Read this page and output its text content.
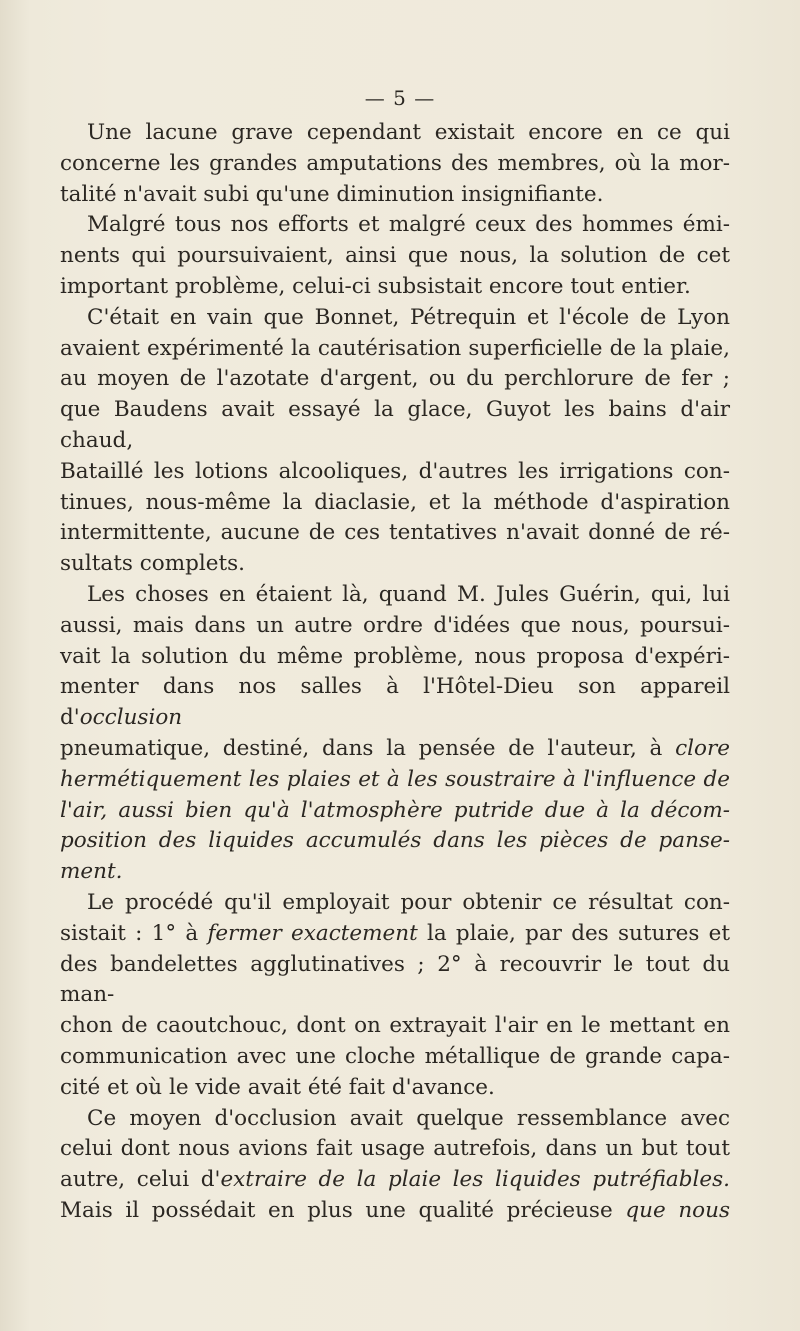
— 5 —
Une lacune grave cependant existait encore en ce qui
concerne les grandes amputations des membres, où la mor-
talité n'avait subi qu'une diminution insignifiante.
Malgré tous nos efforts et malgré ceux des hommes émi-
nents qui poursuivaient, ainsi que nous, la solution de cet
important problème, celui-ci subsistait encore tout entier.
C'était en vain que Bonnet, Pétrequin et l'école de Lyon
avaient expérimenté la cautérisation superficielle de la plaie,
au moyen de l'azotate d'argent, ou du perchlorure de fer ;
que Baudens avait essayé la glace, Guyot les bains d'air chaud,
Bataillé les lotions alcooliques, d'autres les irrigations con-
tinues, nous-même la diaclasie, et la méthode d'aspiration
intermittente, aucune de ces tentatives n'avait donné de ré-
sultats complets.
Les choses en étaient là, quand M. Jules Guérin, qui, lui
aussi, mais dans un autre ordre d'idées que nous, poursui-
vait la solution du même problème, nous proposa d'expéri-
menter dans nos salles à l'Hôtel-Dieu son appareil d'occlusion
pneumatique, destiné, dans la pensée de l'auteur, à clore
hermétiquement les plaies et à les soustraire à l'influence de
l'air, aussi bien qu'à l'atmosphère putride due à la décom-
position des liquides accumulés dans les pièces de panse-
ment.
Le procédé qu'il employait pour obtenir ce résultat con-
sistait : 1° à fermer exactement la plaie, par des sutures et
des bandelettes agglutinatives ; 2° à recouvrir le tout du man-
chon de caoutchouc, dont on extrayait l'air en le mettant en
communication avec une cloche métallique de grande capa-
cité et où le vide avait été fait d'avance.
Ce moyen d'occlusion avait quelque ressemblance avec
celui dont nous avions fait usage autrefois, dans un but tout
autre, celui d'extraire de la plaie les liquides putréfiables.
Mais il possédait en plus une qualité précieuse que nous
